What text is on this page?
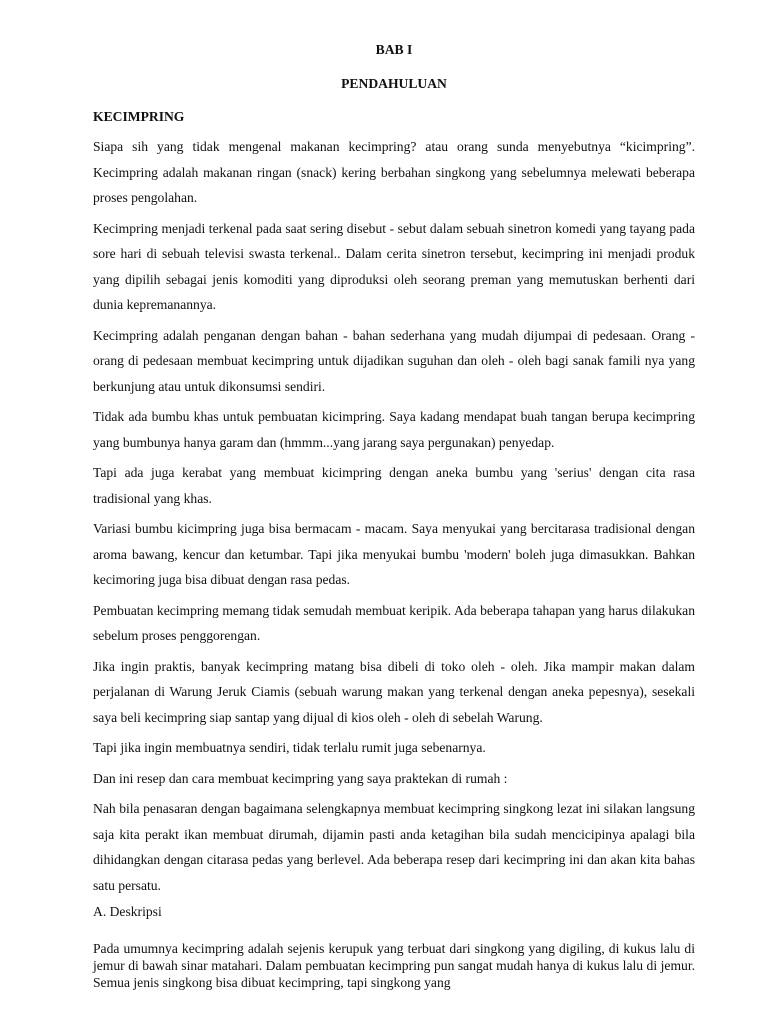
BAB I

PENDAHULUAN

KECIMPRING

Siapa sih yang tidak mengenal makanan kecimpring? atau orang sunda menyebutnya “kicimpring”. Kecimpring adalah makanan ringan (snack) kering berbahan singkong yang sebelumnya melewati beberapa proses pengolahan.

Kecimpring menjadi terkenal pada saat sering disebut - sebut dalam sebuah sinetron komedi yang tayang pada sore hari di sebuah televisi swasta terkenal.. Dalam cerita sinetron tersebut, kecimpring ini menjadi produk yang dipilih sebagai jenis komoditi yang diproduksi oleh seorang preman yang memutuskan berhenti dari dunia kepremanannya.

Kecimpring adalah penganan dengan bahan - bahan sederhana yang mudah dijumpai di pedesaan. Orang - orang di pedesaan membuat kecimpring untuk dijadikan suguhan dan oleh - oleh bagi sanak famili nya yang berkunjung atau untuk dikonsumsi sendiri.

Tidak ada bumbu khas untuk pembuatan kicimpring. Saya kadang mendapat buah tangan berupa kecimpring yang bumbunya hanya garam dan (hmmm...yang jarang saya pergunakan) penyedap.

Tapi ada juga kerabat yang membuat kicimpring dengan aneka bumbu yang 'serius' dengan cita rasa tradisional yang khas.

Variasi bumbu kicimpring juga bisa bermacam - macam. Saya menyukai yang bercitarasa tradisional dengan aroma bawang, kencur dan ketumbar. Tapi jika menyukai bumbu 'modern' boleh juga dimasukkan. Bahkan kecimoring juga bisa dibuat dengan rasa pedas.

Pembuatan kecimpring memang tidak semudah membuat keripik. Ada beberapa tahapan yang harus dilakukan sebelum proses penggorengan.

Jika ingin praktis, banyak kecimpring matang bisa dibeli di toko oleh - oleh. Jika mampir makan dalam perjalanan di Warung Jeruk Ciamis (sebuah warung makan yang terkenal dengan aneka pepesnya), sesekali saya beli kecimpring siap santap yang dijual di kios oleh - oleh di sebelah Warung.

Tapi jika ingin membuatnya sendiri, tidak terlalu rumit juga sebenarnya.

Dan ini resep dan cara membuat kecimpring yang saya praktekan di rumah :

Nah bila penasaran dengan bagaimana selengkapnya membuat kecimpring singkong lezat ini silakan langsung saja kita perakt ikan membuat dirumah, dijamin pasti anda ketagihan bila sudah mencicipinya apalagi bila dihidangkan dengan citarasa pedas yang berlevel. Ada beberapa resep dari kecimpring ini dan akan kita bahas satu persatu.

A. Deskripsi

Pada umumnya kecimpring adalah sejenis kerupuk yang terbuat dari singkong yang digiling, di kukus lalu di jemur di bawah sinar matahari. Dalam pembuatan kecimpring pun sangat mudah hanya di kukus lalu di jemur. Semua jenis singkong bisa dibuat kecimpring, tapi singkong yang
